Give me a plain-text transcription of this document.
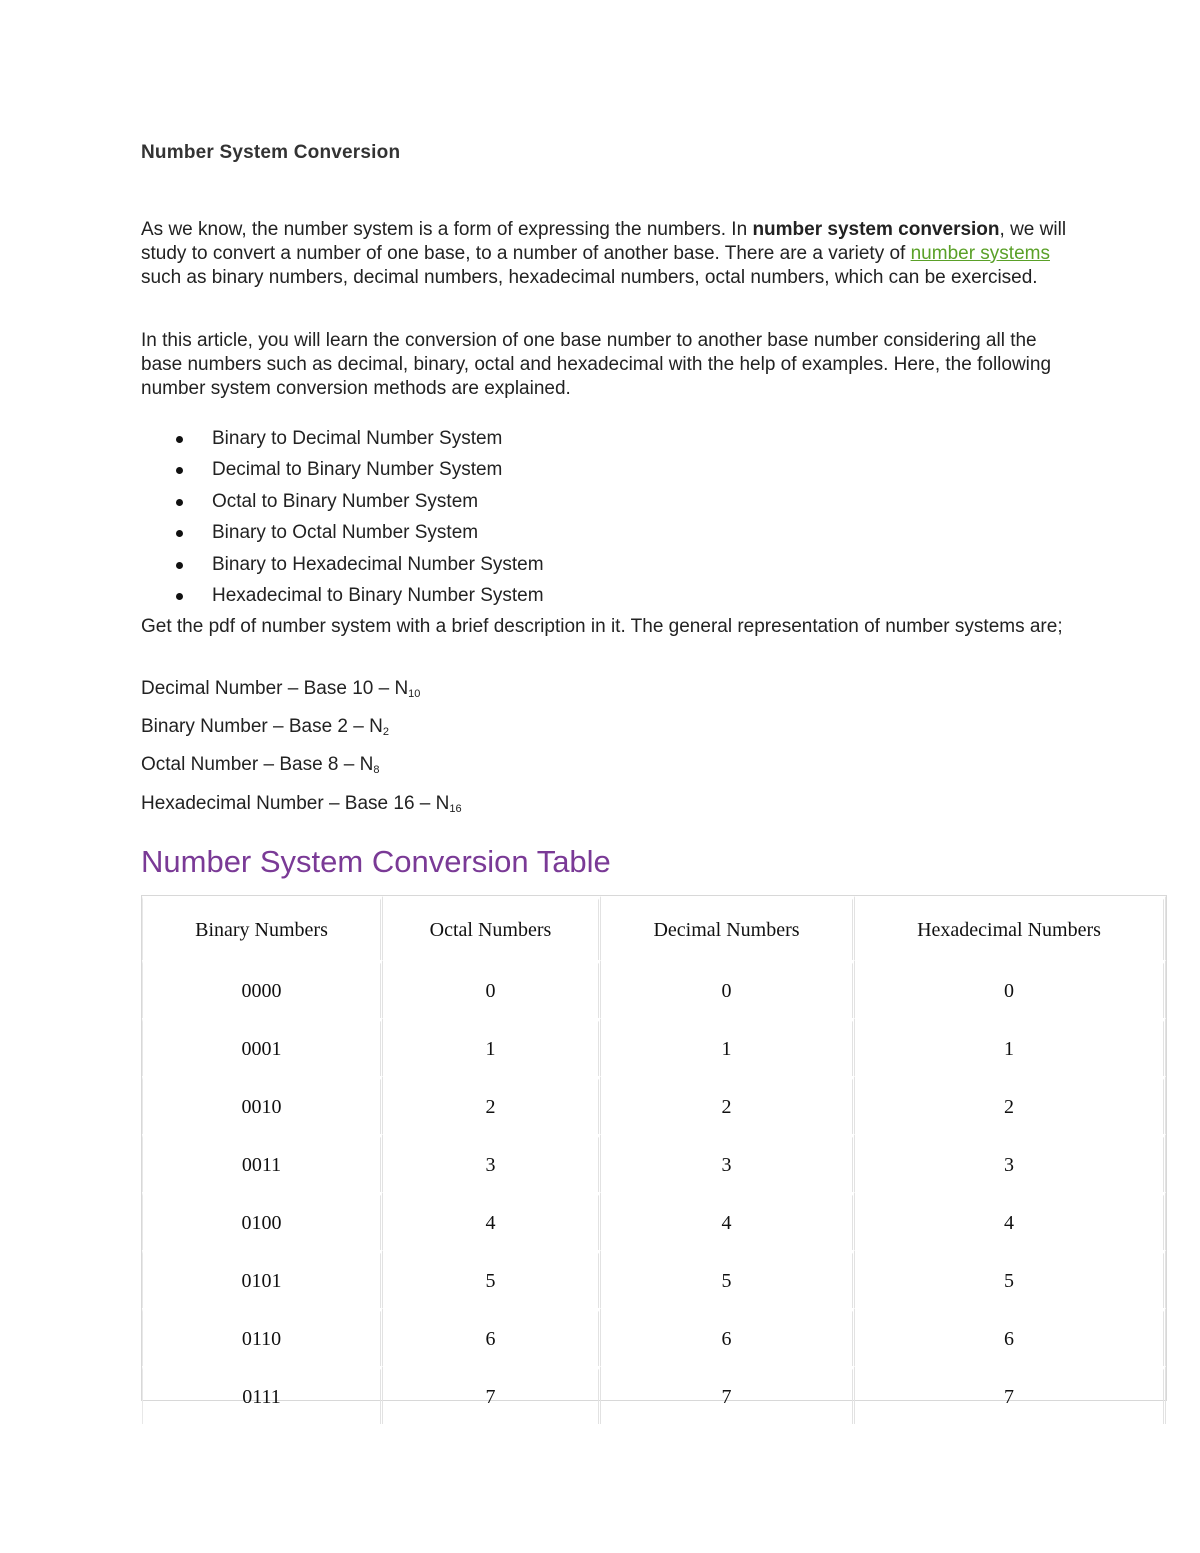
Number System Conversion
As we know, the number system is a form of expressing the numbers. In number system conversion, we will study to convert a number of one base, to a number of another base. There are a variety of number systems such as binary numbers, decimal numbers, hexadecimal numbers, octal numbers, which can be exercised.
In this article, you will learn the conversion of one base number to another base number considering all the base numbers such as decimal, binary, octal and hexadecimal with the help of examples. Here, the following number system conversion methods are explained.
Binary to Decimal Number System
Decimal to Binary Number System
Octal to Binary Number System
Binary to Octal Number System
Binary to Hexadecimal Number System
Hexadecimal to Binary Number System
Get the pdf of number system with a brief description in it. The general representation of number systems are;
Decimal Number – Base $10 - N_{10}$
Binary Number – Base $2 - N_2$
Octal Number – Base $8 - N_8$
Hexadecimal Number – Base $16 - N_{16}$
Number System Conversion Table
Binary Numbers	Octal Numbers	Decimal Numbers	Hexadecimal Numbers
0000	0	0	0
0001	1	1	1
0010	2	2	2
0011	3	3	3
0100	4	4	4
0101	5	5	5
0110	6	6	6
0111	7	7	7
